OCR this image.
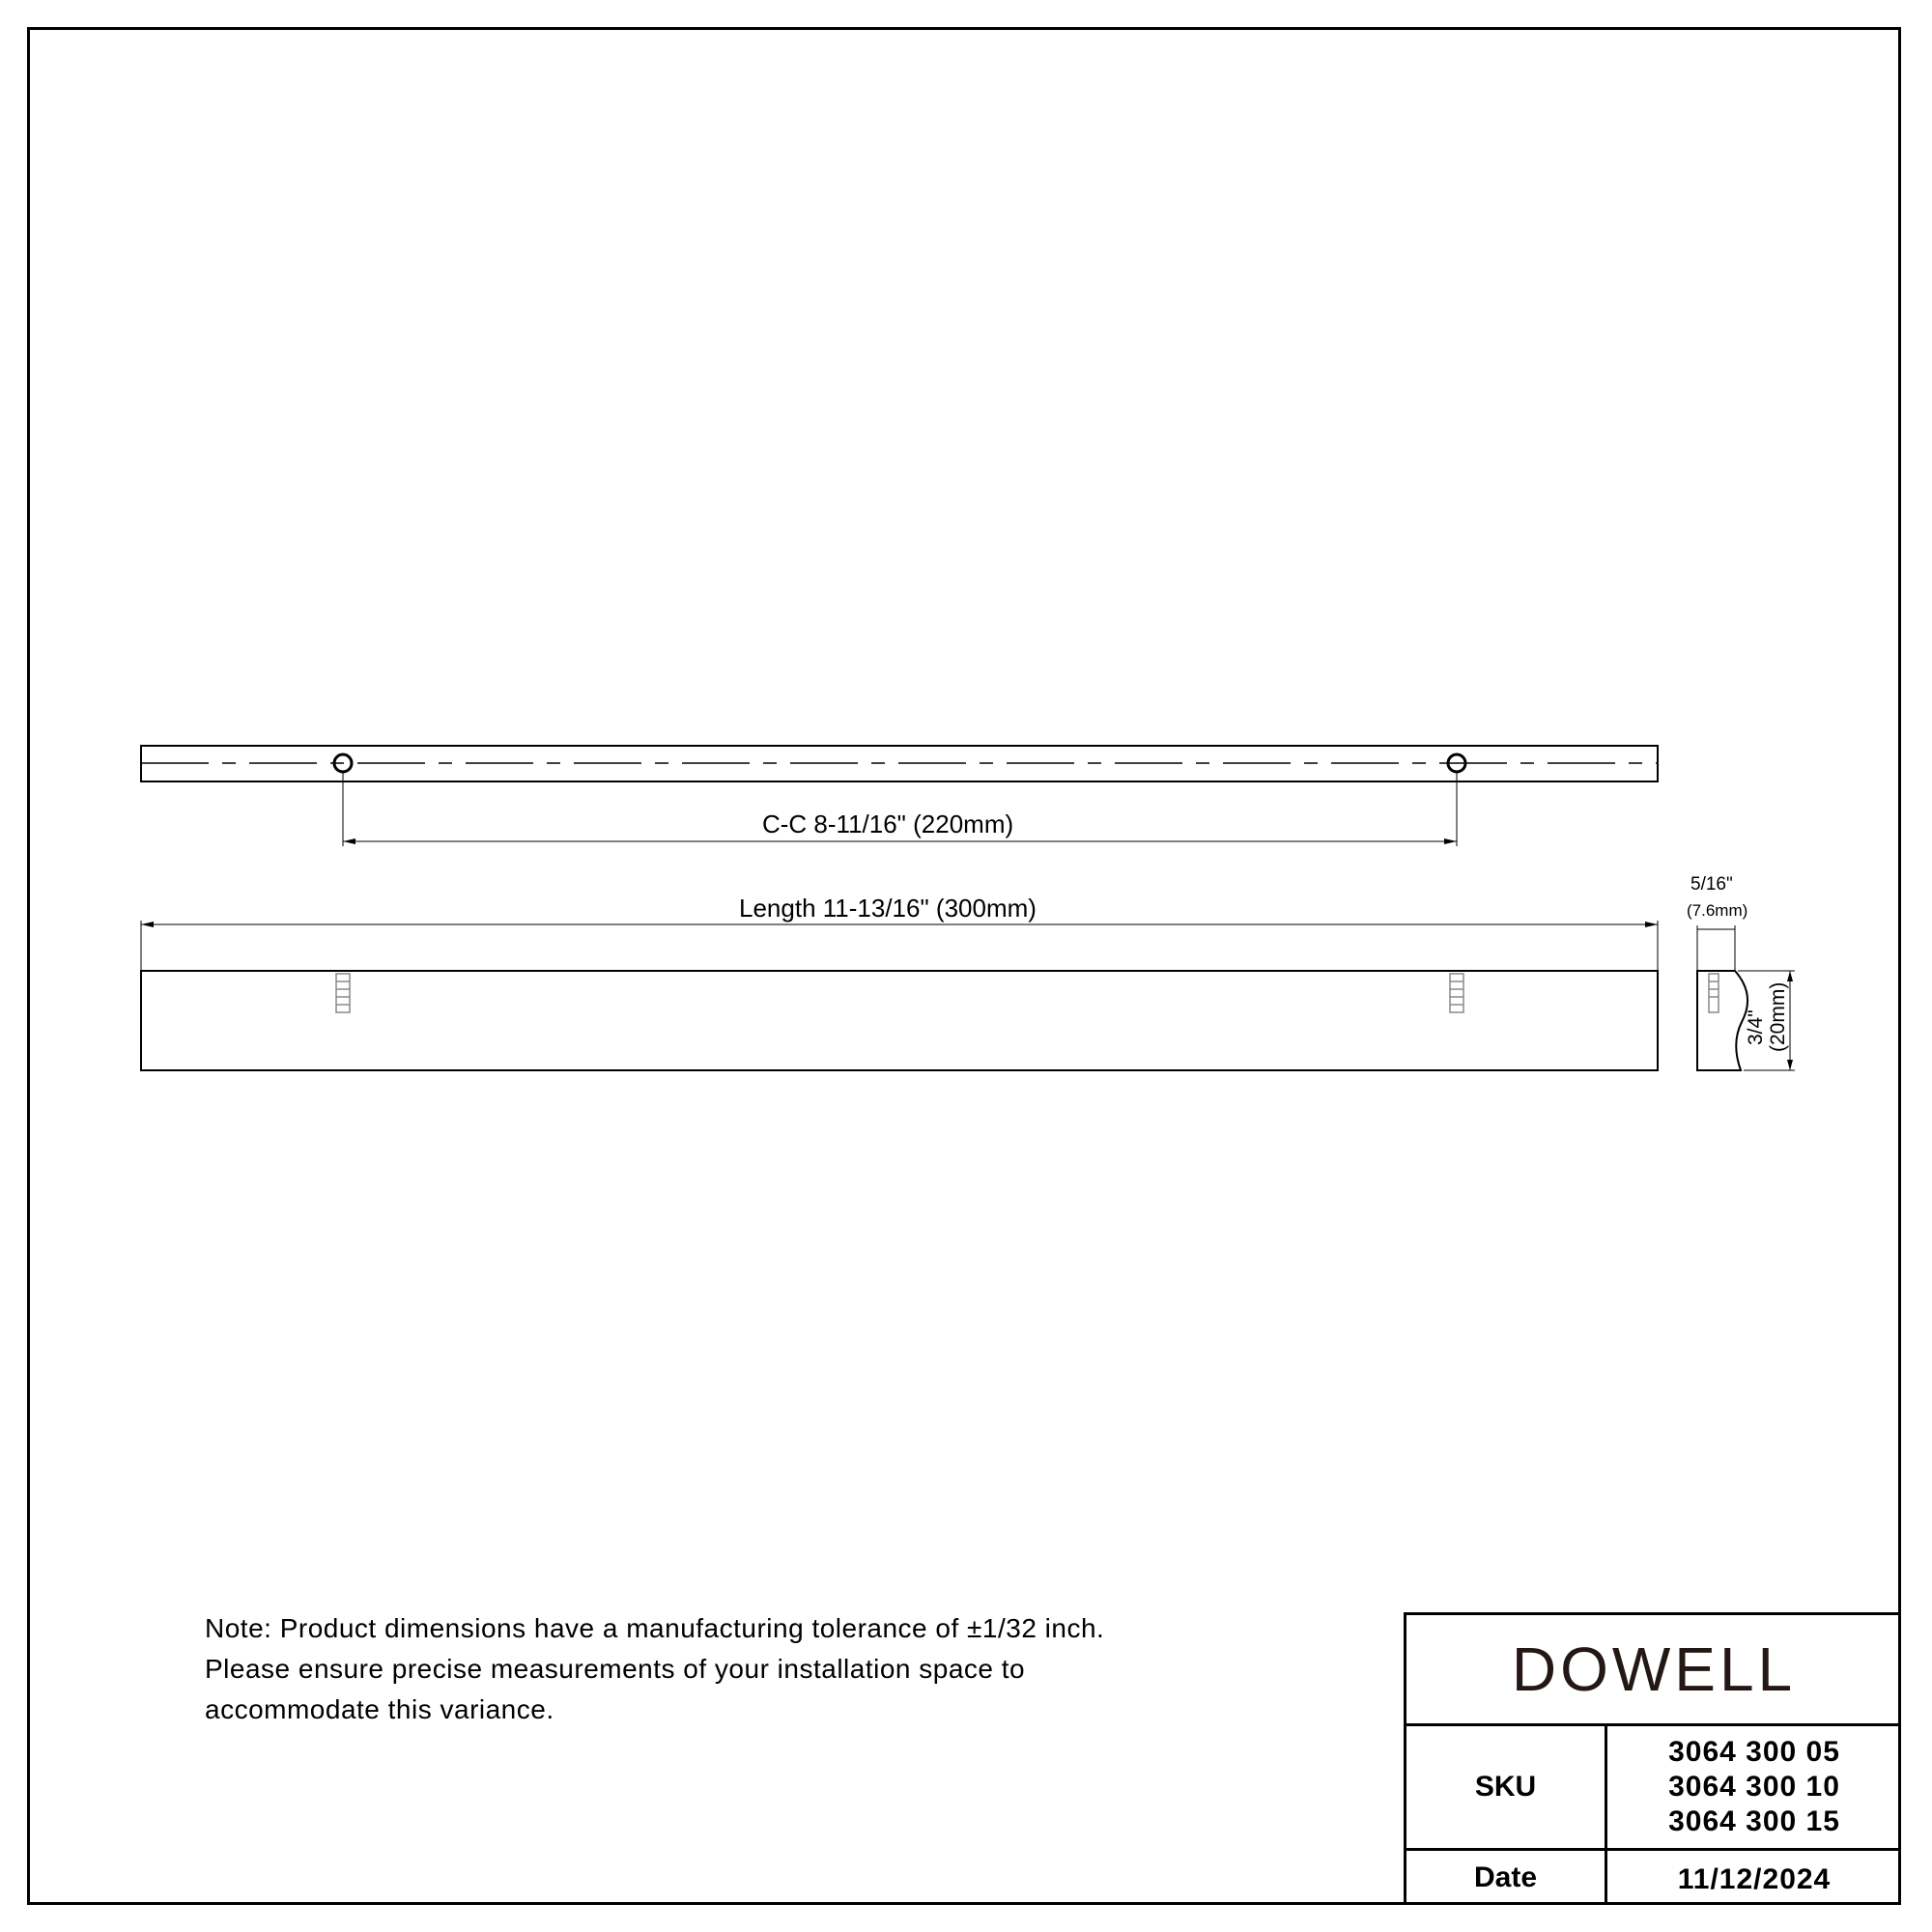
C-C 8-11/16" (220mm)
Length 11-13/16" (300mm)
5/16"
(7.6mm)
3/4" (20mm)
Note: Product dimensions have a manufacturing tolerance of ±1/32 inch.
Please ensure precise measurements of your installation space to
accommodate this variance.
DOWELL
SKU
3064 300 05
3064 300 10
3064 300 15
Date	11/12/2024
